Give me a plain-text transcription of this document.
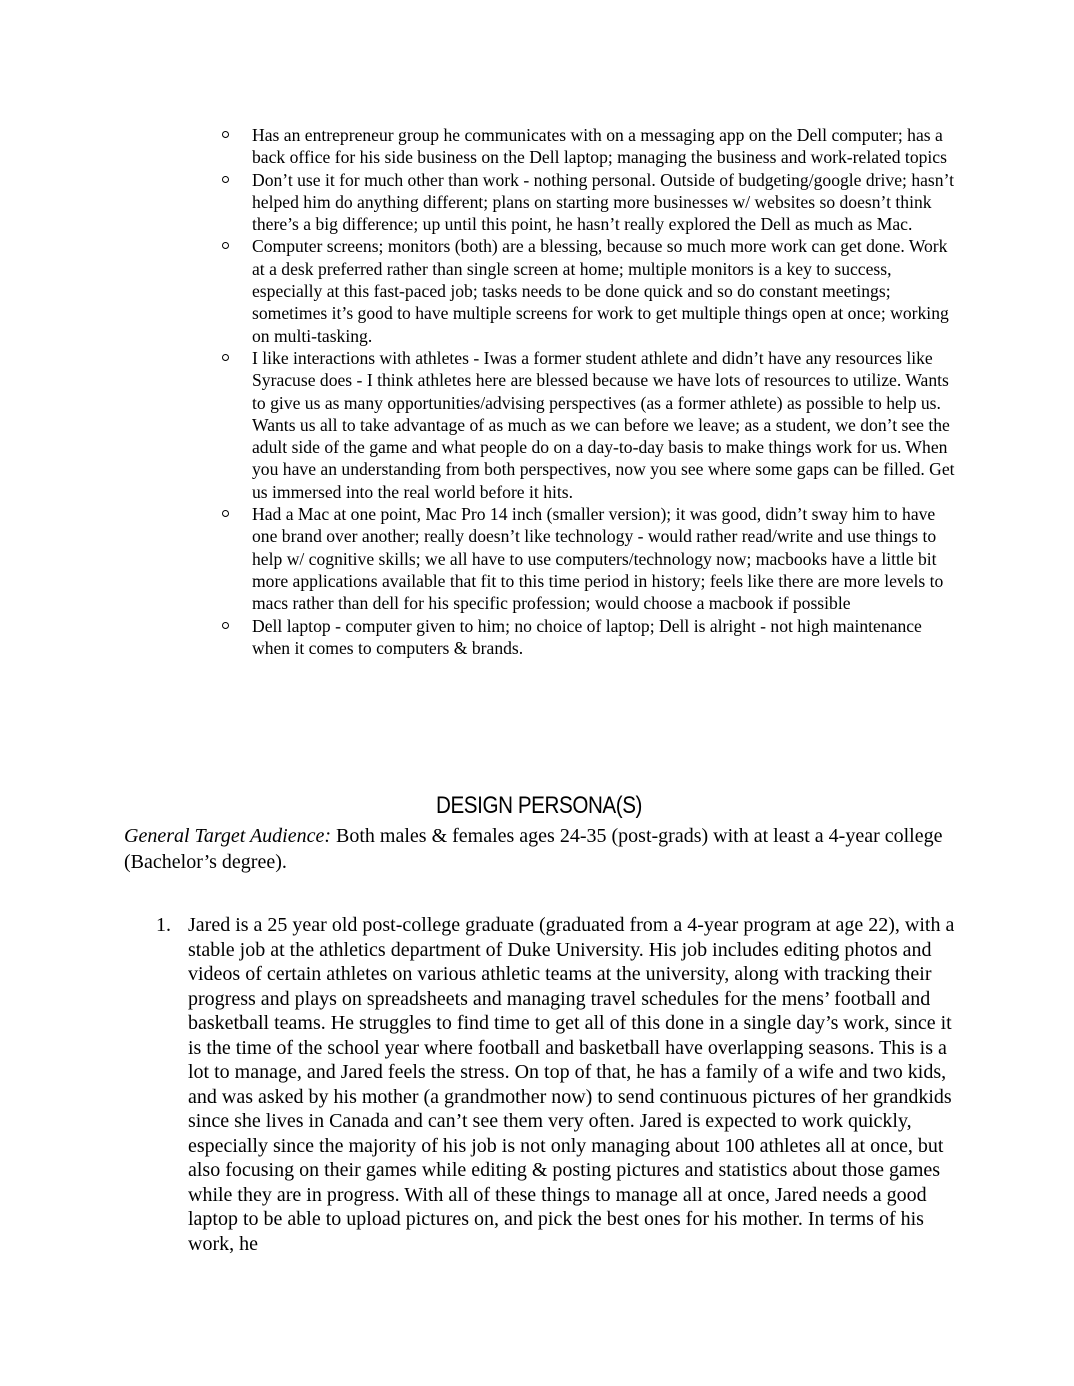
Has an entrepreneur group he communicates with on a messaging app on the Dell computer; has a back office for his side business on the Dell laptop; managing the business and work-related topics
Don’t use it for much other than work - nothing personal. Outside of budgeting/google drive; hasn’t helped him do anything different; plans on starting more businesses w/ websites so doesn’t think there’s a big difference; up until this point, he hasn’t really explored the Dell as much as Mac.
Computer screens; monitors (both) are a blessing, because so much more work can get done. Work at a desk preferred rather than single screen at home; multiple monitors is a key to success, especially at this fast-paced job; tasks needs to be done quick and so do constant meetings; sometimes it’s good to have multiple screens for work to get multiple things open at once; working on multi-tasking.
I like interactions with athletes - Iwas a former student athlete and didn’t have any resources like Syracuse does - I think athletes here are blessed because we have lots of resources to utilize. Wants to give us as many opportunities/advising perspectives (as a former athlete) as possible to help us. Wants us all to take advantage of as much as we can before we leave; as a student, we don’t see the adult side of the game and what people do on a day-to-day basis to make things work for us. When you have an understanding from both perspectives, now you see where some gaps can be filled. Get us immersed into the real world before it hits.
Had a Mac at one point, Mac Pro 14 inch (smaller version); it was good, didn’t sway him to have one brand over another; really doesn’t like technology - would rather read/write and use things to help w/ cognitive skills; we all have to use computers/technology now; macbooks have a little bit more applications available that fit to this time period in history; feels like there are more levels to macs rather than dell for his specific profession; would choose a macbook if possible
Dell laptop - computer given to him; no choice of laptop; Dell is alright - not high maintenance when it comes to computers & brands.
DESIGN PERSONA(S)

General Target Audience: Both males & females ages 24-35 (post-grads) with at least a 4-year college (Bachelor’s degree).

1. Jared is a 25 year old post-college graduate (graduated from a 4-year program at age 22), with a stable job at the athletics department of Duke University. His job includes editing photos and videos of certain athletes on various athletic teams at the university, along with tracking their progress and plays on spreadsheets and managing travel schedules for the mens’ football and basketball teams. He struggles to find time to get all of this done in a single day’s work, since it is the time of the school year where football and basketball have overlapping seasons. This is a lot to manage, and Jared feels the stress. On top of that, he has a family of a wife and two kids, and was asked by his mother (a grandmother now) to send continuous pictures of her grandkids since she lives in Canada and can’t see them very often. Jared is expected to work quickly, especially since the majority of his job is not only managing about 100 athletes all at once, but also focusing on their games while editing & posting pictures and statistics about those games while they are in progress. With all of these things to manage all at once, Jared needs a good laptop to be able to upload pictures on, and pick the best ones for his mother. In terms of his work, he
